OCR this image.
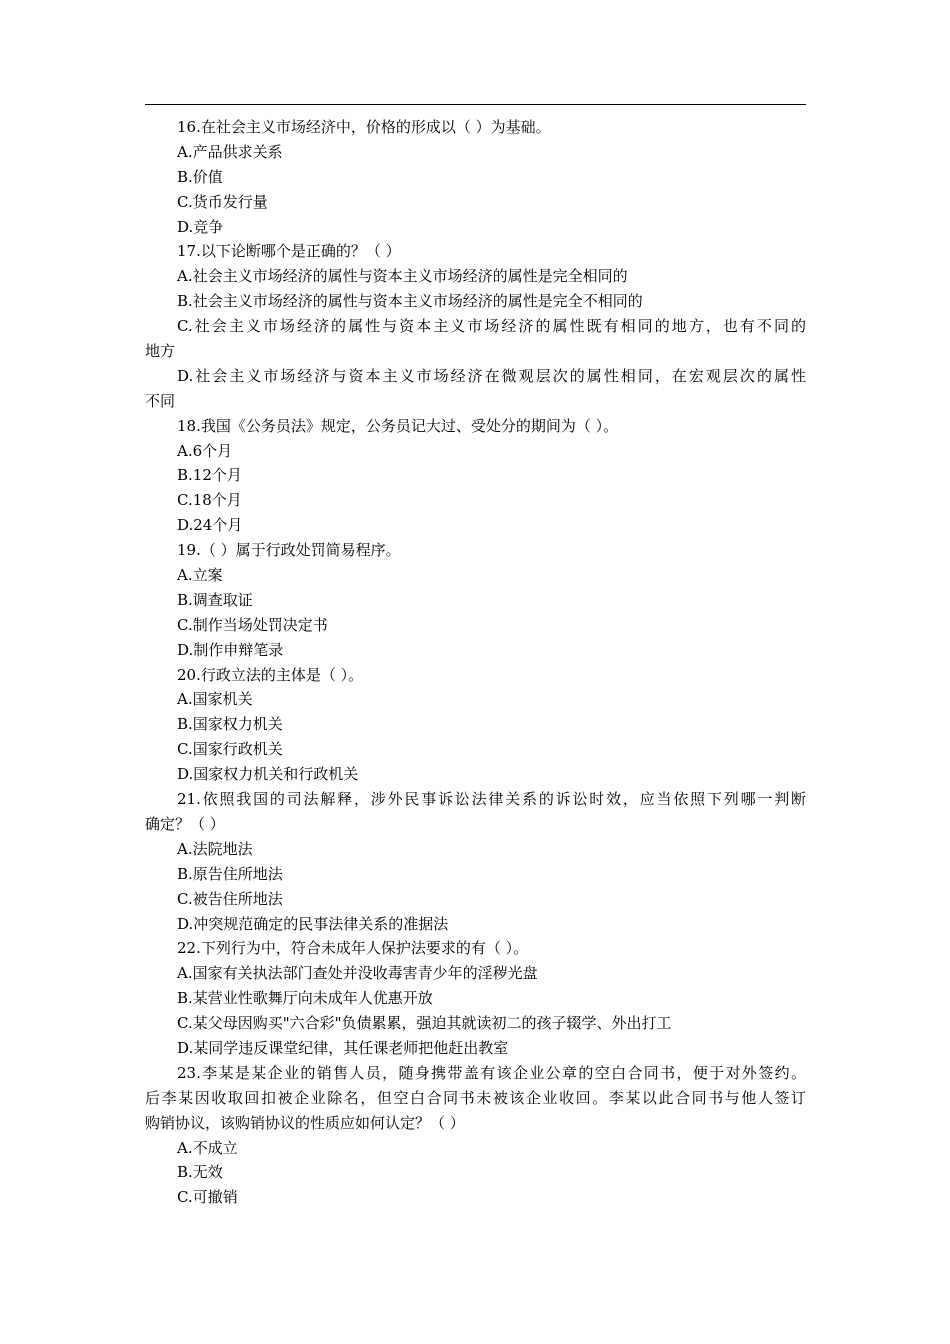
16.在社会主义市场经济中，价格的形成以（ ）为基础。
A.产品供求关系
B.价值
C.货币发行量
D.竞争
17.以下论断哪个是正确的？（ ）
A.社会主义市场经济的属性与资本主义市场经济的属性是完全相同的
B.社会主义市场经济的属性与资本主义市场经济的属性是完全不相同的
C.社会主义市场经济的属性与资本主义市场经济的属性既有相同的地方，也有不同的
地方
D.社会主义市场经济与资本主义市场经济在微观层次的属性相同，在宏观层次的属性
不同
18.我国《公务员法》规定，公务员记大过、受处分的期间为（ ）。
A.6个月
B.12个月
C.18个月
D.24个月
19.（ ）属于行政处罚简易程序。
A.立案
B.调查取证
C.制作当场处罚决定书
D.制作申辩笔录
20.行政立法的主体是（ ）。
A.国家机关
B.国家权力机关
C.国家行政机关
D.国家权力机关和行政机关
21.依照我国的司法解释，涉外民事诉讼法律关系的诉讼时效，应当依照下列哪一判断
确定？（ ）
A.法院地法
B.原告住所地法
C.被告住所地法
D.冲突规范确定的民事法律关系的准据法
22.下列行为中，符合未成年人保护法要求的有（ ）。
A.国家有关执法部门查处并没收毒害青少年的淫秽光盘
B.某营业性歌舞厅向未成年人优惠开放
C.某父母因购买"六合彩"负债累累，强迫其就读初二的孩子辍学、外出打工
D.某同学违反课堂纪律，其任课老师把他赶出教室
23.李某是某企业的销售人员，随身携带盖有该企业公章的空白合同书，便于对外签约。
后李某因收取回扣被企业除名，但空白合同书未被该企业收回。李某以此合同书与他人签订
购销协议，该购销协议的性质应如何认定？（ ）
A.不成立
B.无效
C.可撤销
